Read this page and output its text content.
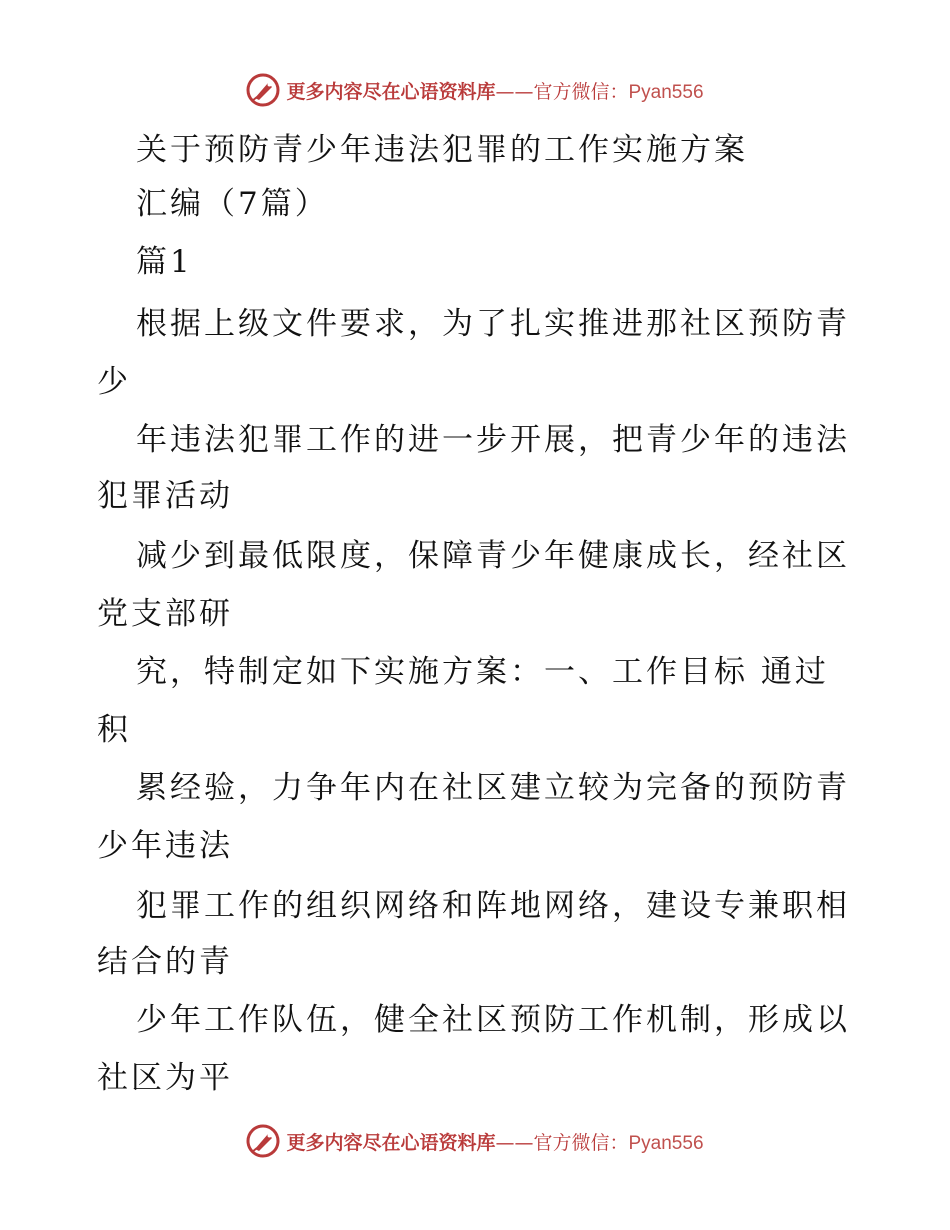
更多内容尽在心语资料库——官方微信：Pyan556
关于预防青少年违法犯罪的工作实施方案
汇编（7篇）
篇1
根据上级文件要求，为了扎实推进那社区预防青
少
年违法犯罪工作的进一步开展，把青少年的违法
犯罪活动
减少到最低限度，保障青少年健康成长，经社区
党支部研
究，特制定如下实施方案：一、工作目标 通过
积
累经验，力争年内在社区建立较为完备的预防青
少年违法
犯罪工作的组织网络和阵地网络，建设专兼职相
结合的青
少年工作队伍，健全社区预防工作机制，形成以
社区为平
更多内容尽在心语资料库——官方微信：Pyan556
